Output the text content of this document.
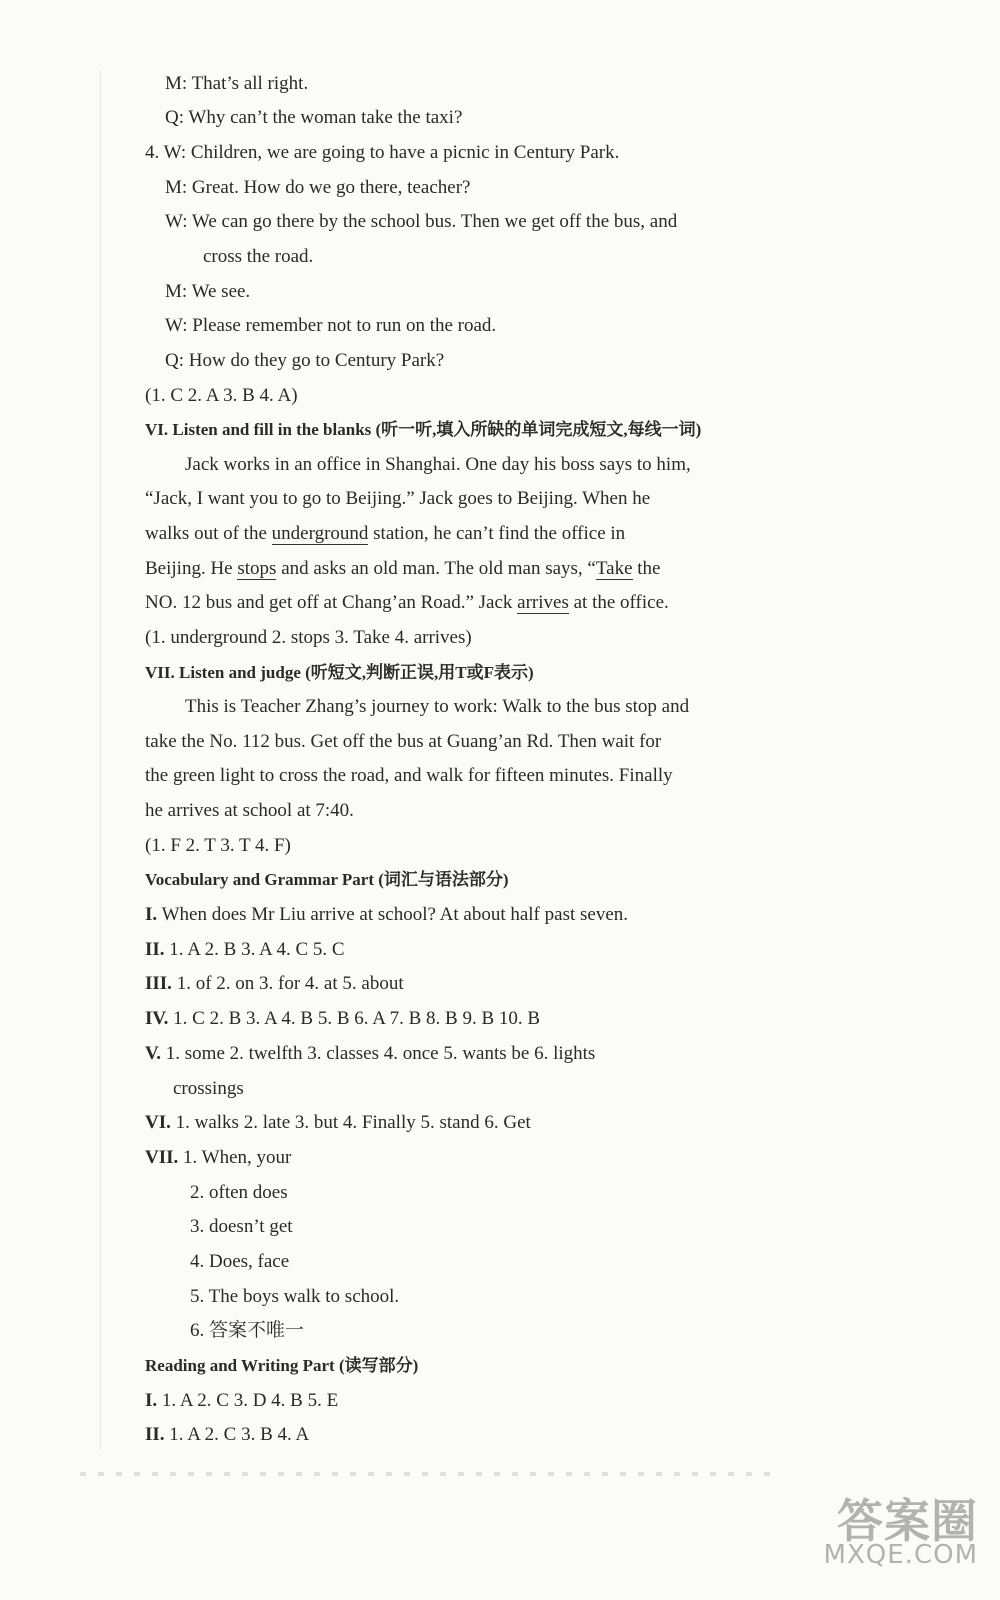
M: That’s all right.
Q: Why can’t the woman take the taxi?
4. W: Children, we are going to have a picnic in Century Park.
M: Great. How do we go there, teacher?
W: We can go there by the school bus. Then we get off the bus, and
cross the road.
M: We see.
W: Please remember not to run on the road.
Q: How do they go to Century Park?
(1. C 2. A 3. B 4. A)
VI. Listen and fill in the blanks (听一听,填入所缺的单词完成短文,每线一词)
Jack works in an office in Shanghai. One day his boss says to him,
“Jack, I want you to go to Beijing.” Jack goes to Beijing. When he
walks out of the underground station, he can’t find the office in
Beijing. He stops and asks an old man. The old man says, “Take the
NO. 12 bus and get off at Chang’an Road.” Jack arrives at the office.
(1. underground 2. stops 3. Take 4. arrives)
VII. Listen and judge (听短文,判断正误,用T或F表示)
This is Teacher Zhang’s journey to work: Walk to the bus stop and
take the No. 112 bus. Get off the bus at Guang’an Rd. Then wait for
the green light to cross the road, and walk for fifteen minutes. Finally
he arrives at school at 7:40.
(1. F 2. T 3. T 4. F)
Vocabulary and Grammar Part (词汇与语法部分)
I. When does Mr Liu arrive at school? At about half past seven.
II. 1. A 2. B 3. A 4. C 5. C
III. 1. of 2. on 3. for 4. at 5. about
IV. 1. C 2. B 3. A 4. B 5. B 6. A 7. B 8. B 9. B 10. B
V. 1. some 2. twelfth 3. classes 4. once 5. wants be 6. lights
crossings
VI. 1. walks 2. late 3. but 4. Finally 5. stand 6. Get
VII. 1. When, your
2. often does
3. doesn’t get
4. Does, face
5. The boys walk to school.
6. 答案不唯一
Reading and Writing Part (读写部分)
I. 1. A 2. C 3. D 4. B 5. E
II. 1. A 2. C 3. B 4. A
答案圈
MXQE.COM
